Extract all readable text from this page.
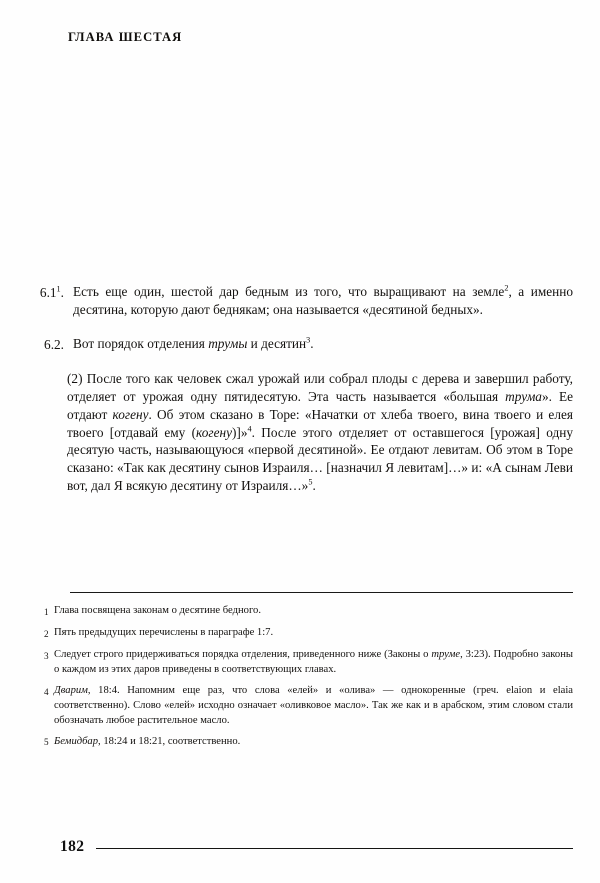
ГЛАВА ШЕСТАЯ
$6.1^1$. Есть еще один, шестой дар бедным из того, что выращивают на земле$^2$, а именно десятина, которую дают беднякам; она называется «десятиной бедных».
6.2. Вот порядок отделения трумы и десятин$^3$.
(2) После того как человек сжал урожай или собрал плоды с дерева и завершил работу, отделяет от урожая одну пятидесятую. Эта часть называется «большая трума». Ее отдают когену. Об этом сказано в Торе: «Начатки от хлеба твоего, вина твоего и елея твоего [отдавай ему (когену)]»$^4$. После этого отделяет от оставшегося [урожая] одну десятую часть, называющуюся «первой десятиной». Ее отдают левитам. Об этом в Торе сказано: «Так как десятину сынов Израиля… [назначил Я левитам]…» и: «А сынам Леви вот, дал Я всякую десятину от Израиля…»$^5$.
1 Глава посвящена законам о десятине бедного.
2 Пять предыдущих перечислены в параграфе 1:7.
3 Следует строго придерживаться порядка отделения, приведенного ниже (Законы о труме, 3:23). Подробно законы о каждом из этих даров приведены в соответствующих главах.
4 Дварим, 18:4. Напомним еще раз, что слова «елей» и «олива» — однокоренные (греч. elaion и elaia соответственно). Слово «елей» исходно означает «оливковое масло». Так же как и в арабском, этим словом стали обозначать любое растительное масло.
5 Бемидбар, 18:24 и 18:21, соответственно.
182
